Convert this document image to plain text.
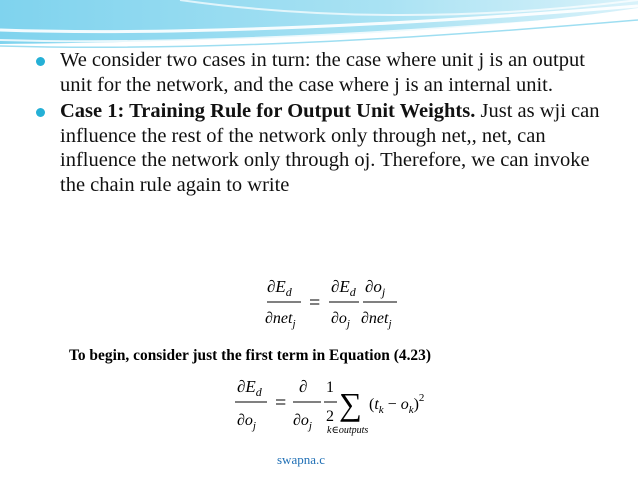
We consider two cases in turn: the case where unit j is an output unit for the network, and the case where j is an internal unit.
Case 1: Training Rule for Output Unit Weights. Just as wji can influence the rest of the network only through net,, net, can influence the network only through oj. Therefore, we can invoke the chain rule again to write
$\partial E_d$
∂net$_j$
=
$\partial E_d$
$\partial o_j$
$\partial o_j$
∂net$_j$
To begin, consider just the first term in Equation (4.23)
$\partial E_d$
$\partial o_j$
=
∂
$\partial o_j$
1
2 ∑
k∈outputs
$(t_k - o_k)^2$
swapna.c
